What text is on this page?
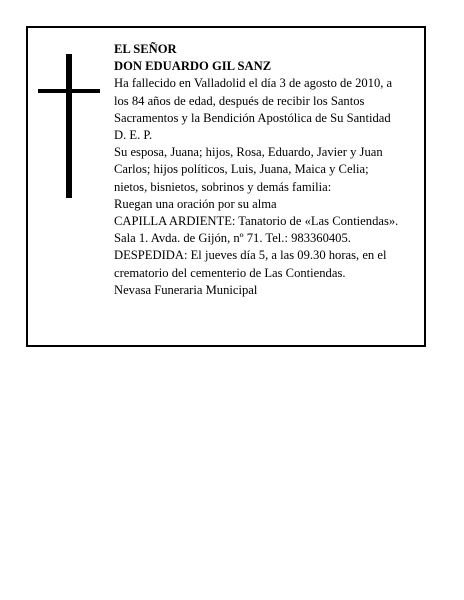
EL SEÑOR
DON EDUARDO GIL SANZ
Ha fallecido en Valladolid el día 3 de agosto de 2010, a
los 84 años de edad, después de recibir los Santos
Sacramentos y la Bendición Apostólica de Su Santidad
D. E. P.
Su esposa, Juana; hijos, Rosa, Eduardo, Javier y Juan
Carlos; hijos políticos, Luis, Juana, Maica y Celia;
nietos, bisnietos, sobrinos y demás familia:
Ruegan una oración por su alma
CAPILLA ARDIENTE: Tanatorio de «Las Contiendas».
Sala 1. Avda. de Gijón, nº 71. Tel.: 983360405.
DESPEDIDA: El jueves día 5, a las 09.30 horas, en el
crematorio del cementerio de Las Contiendas.
Nevasa Funeraria Municipal
